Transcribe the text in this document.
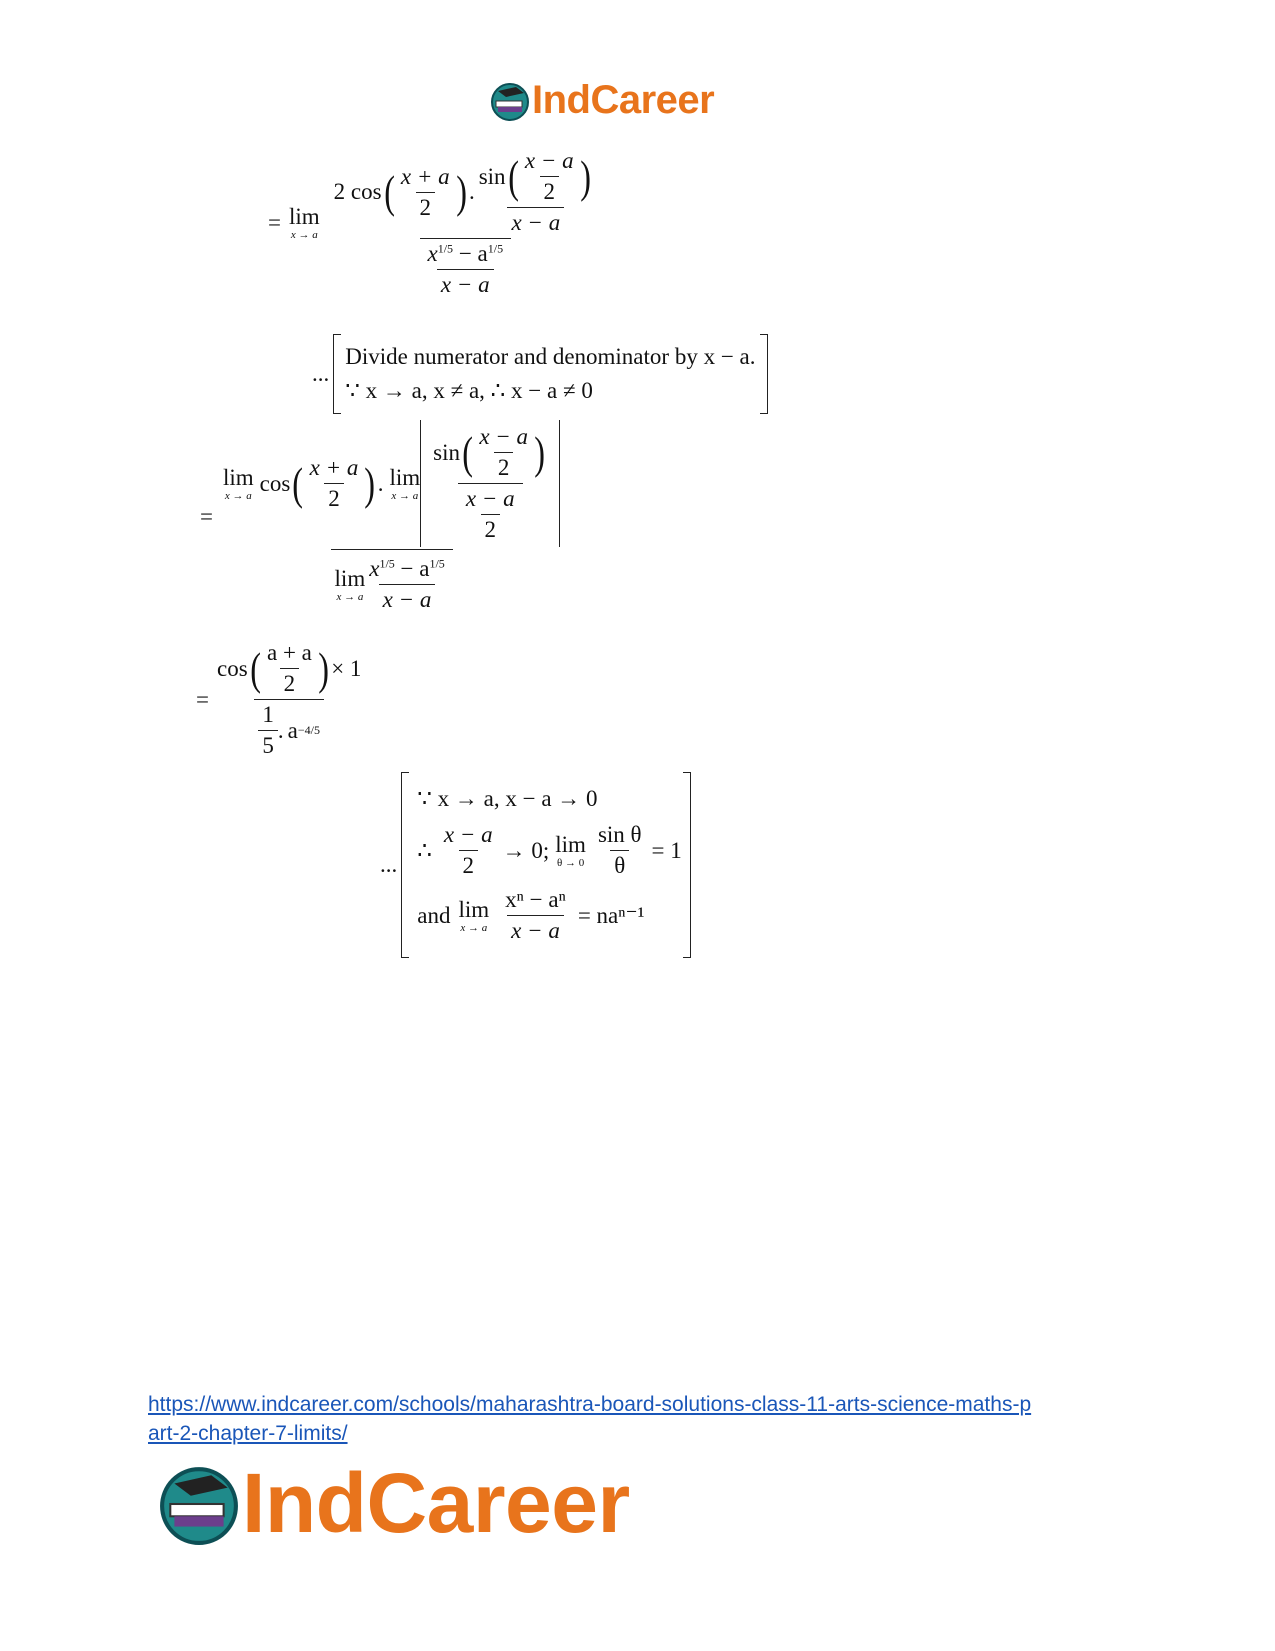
IndCareer
= lim
x → a
2 cos ( $\frac{x + a}{2}$ ) .
sin ( $\frac{x - a}{2}$ )
x − a
$\frac{x^{1/5} - a^{1/5}}{x - a}$
...
Divide numerator and denominator by x − a.
∵ x → a, x ≠ a, ∴ x − a ≠ 0
=
lim
x → a cos ( $\frac{x + a}{2}$ ) . lim
x → a
sin ( $\frac{x - a}{2}$ )
$\frac{x - a}{2}$
lim
x → a $\frac{x^{1/5} - a^{1/5}}{x - a}$
=
cos ( $\frac{a + a}{2}$ ) × 1
$\frac{1}{5}$ . a −4/5
...
∵ x → a, x − a → 0
∴ $\frac{x - a}{2} \to 0$; lim
$\theta \to 0 \frac{\text{sin θ}}{\theta} = 1$
and lim
x → a $\frac{\text{xⁿ − aⁿ}}{x - a} = na^{n-1}$
https://www.indcareer.com/schools/maharashtra-board-solutions-class-11-arts-science-maths-p
art-2-chapter-7-limits/
IndCareer
